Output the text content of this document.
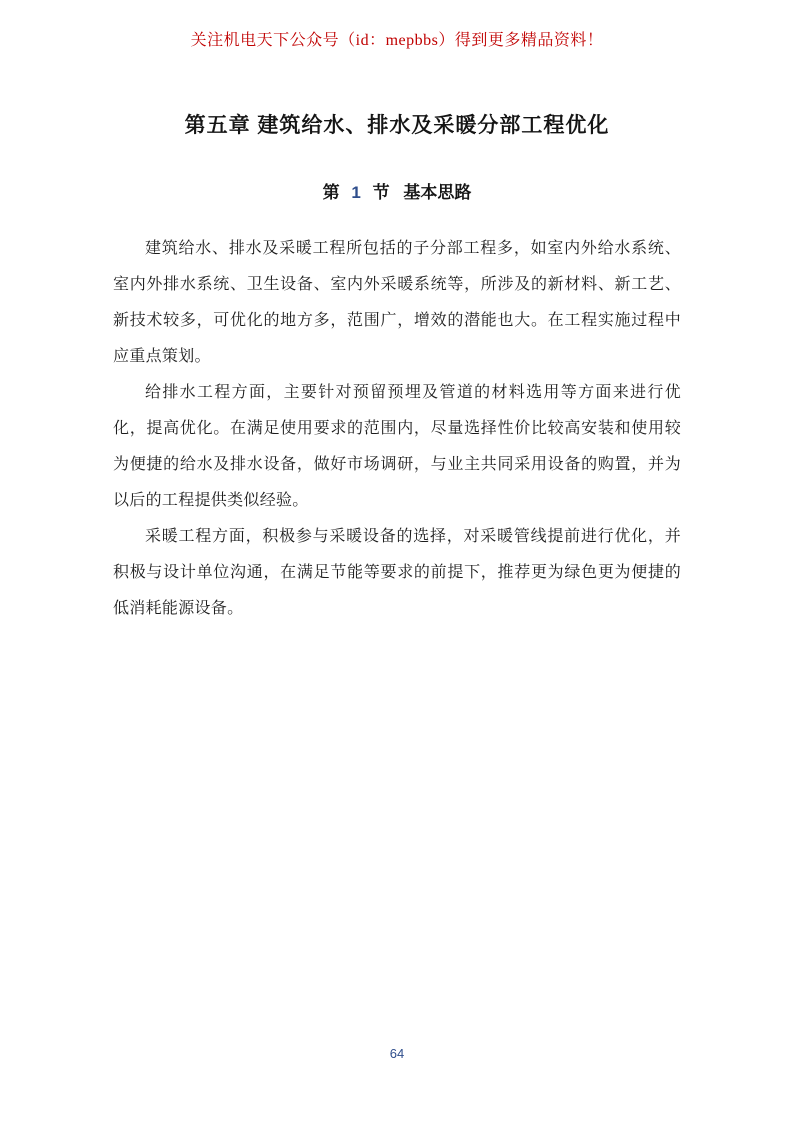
关注机电天下公众号（id：mepbbs）得到更多精品资料！
第五章 建筑给水、排水及采暖分部工程优化
第 1 节 基本思路

建筑给水、排水及采暖工程所包括的子分部工程多，如室内外给水系统、室内外排水系统、卫生设备、室内外采暖系统等，所涉及的新材料、新工艺、新技术较多，可优化的地方多，范围广，增效的潜能也大。在工程实施过程中应重点策划。

给排水工程方面，主要针对预留预埋及管道的材料选用等方面来进行优化，提高优化。在满足使用要求的范围内，尽量选择性价比较高安装和使用较为便捷的给水及排水设备，做好市场调研，与业主共同采用设备的购置，并为以后的工程提供类似经验。

采暖工程方面，积极参与采暖设备的选择，对采暖管线提前进行优化，并积极与设计单位沟通，在满足节能等要求的前提下，推荐更为绿色更为便捷的低消耗能源设备。

64
